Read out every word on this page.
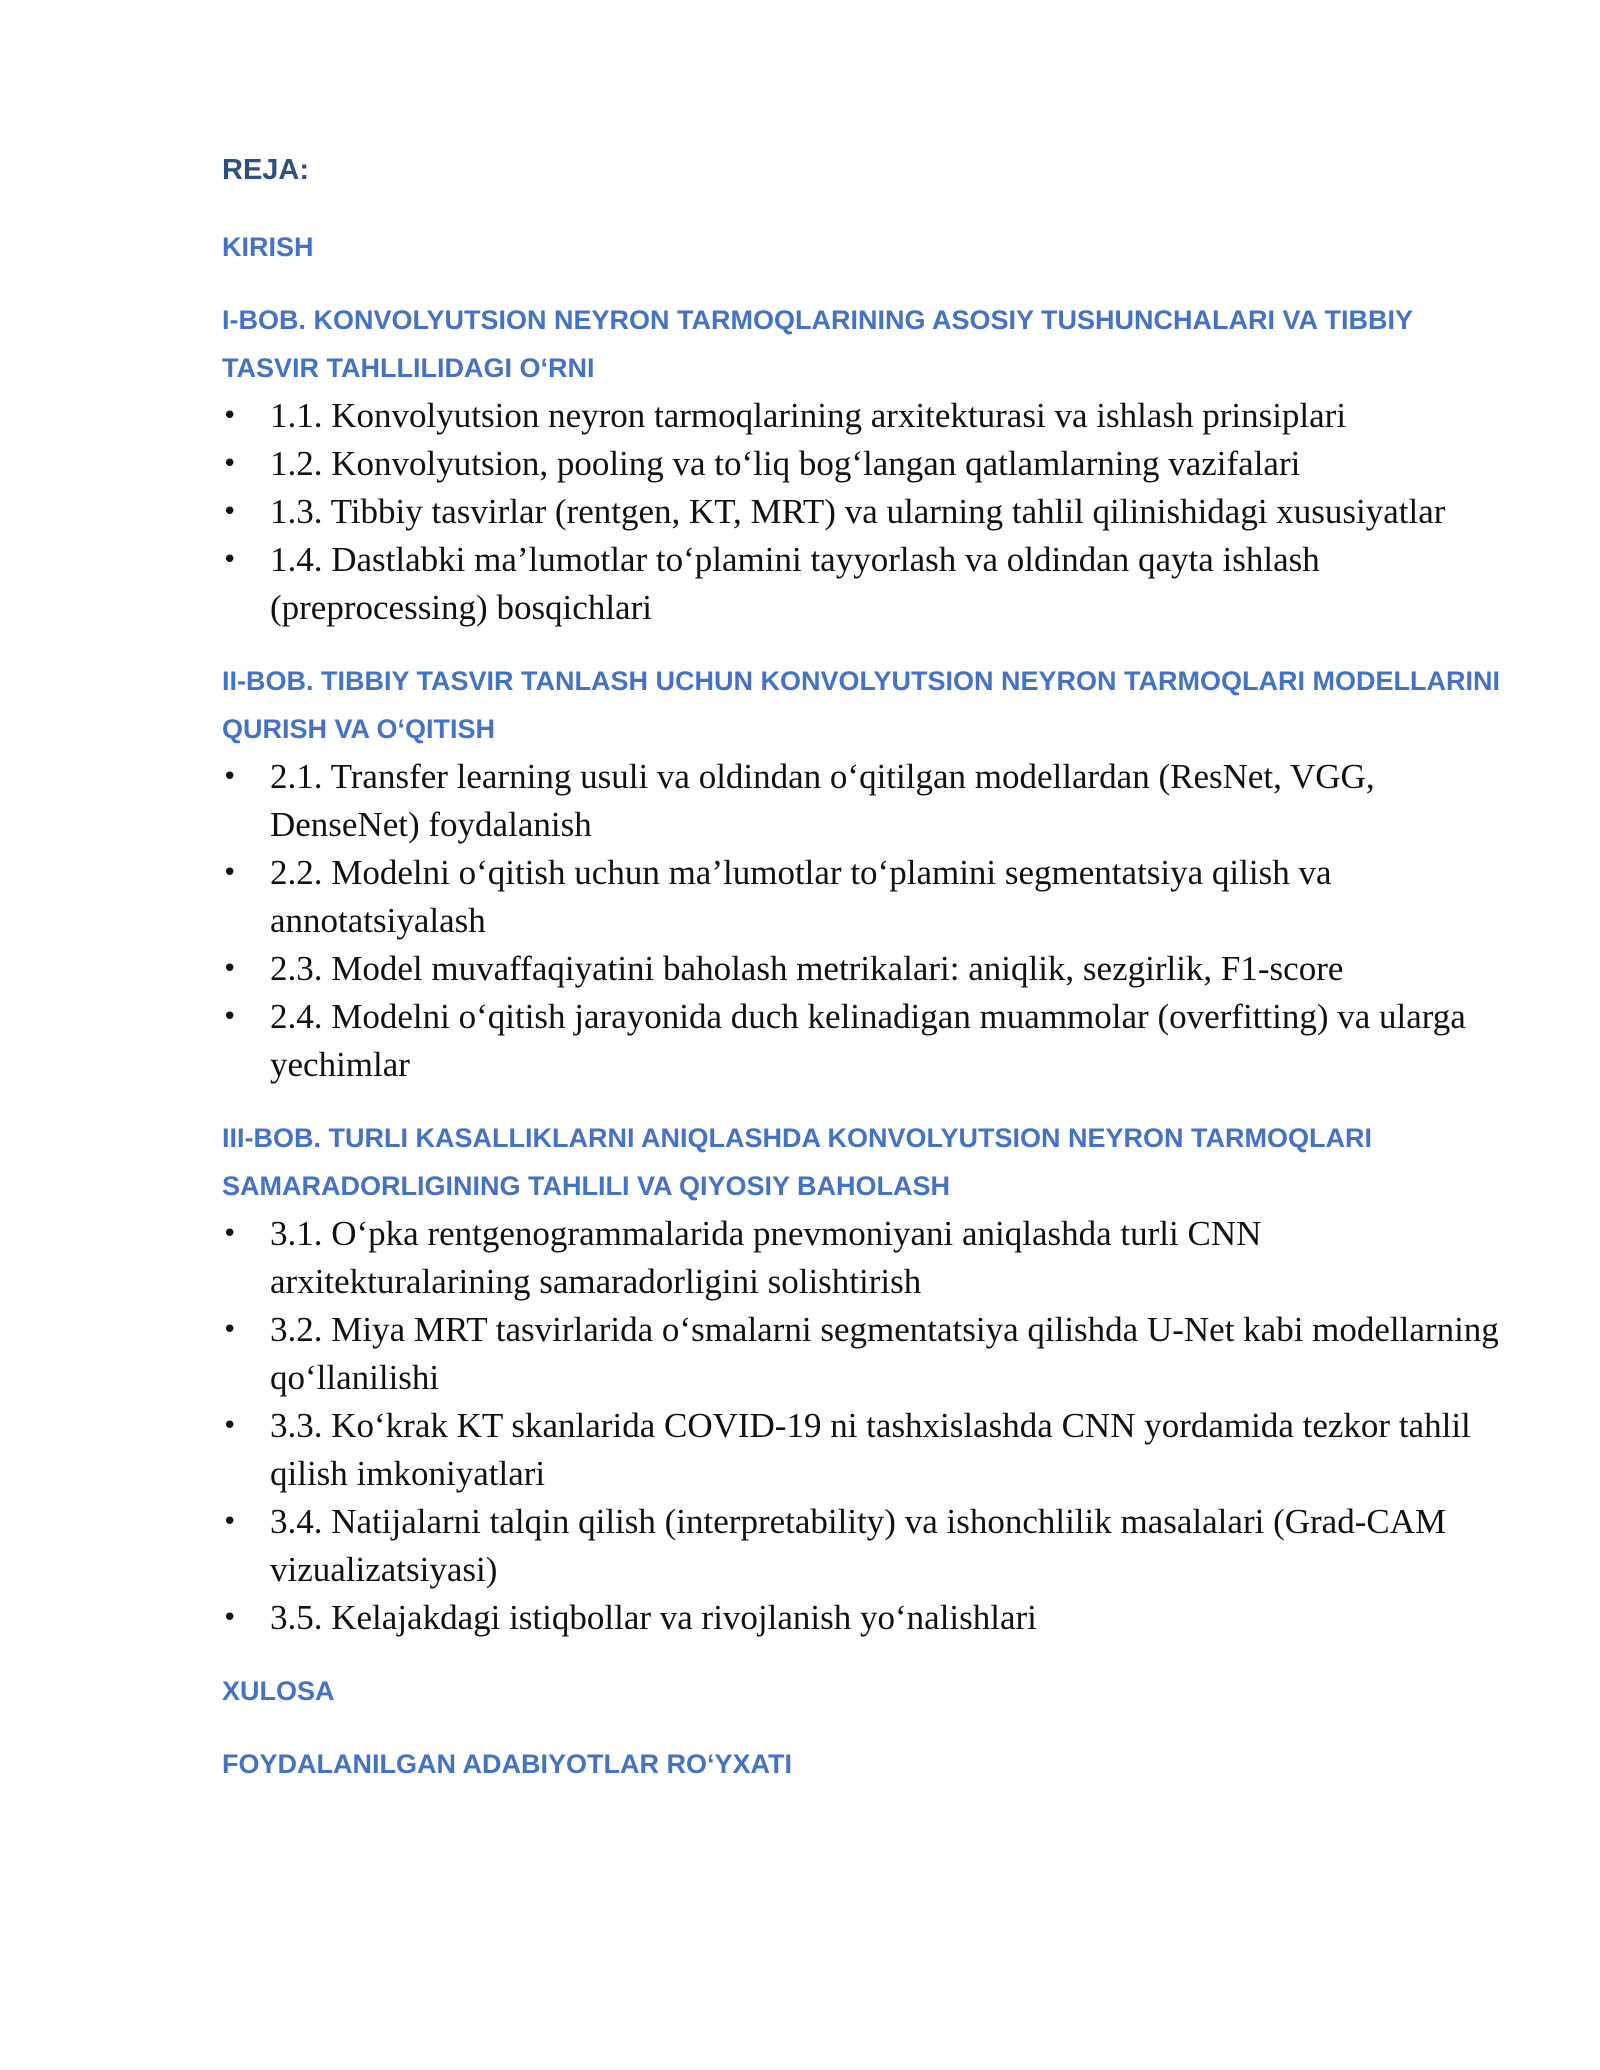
REJA:
KIRISH
I-BOB. KONVOLYUTSION NEYRON TARMOQLARINING ASOSIY TUSHUNCHALARI VA TIBBIY TASVIR TAHLLILIDAGI O‘RNI
• 1.1. Konvolyutsion neyron tarmoqlarining arxitekturasi va ishlash prinsiplari
• 1.2. Konvolyutsion, pooling va to‘liq bog‘langan qatlamlarning vazifalari
• 1.3. Tibbiy tasvirlar (rentgen, KT, MRT) va ularning tahlil qilinishidagi xususiyatlar
• 1.4. Dastlabki ma’lumotlar to‘plamini tayyorlash va oldindan qayta ishlash (preprocessing) bosqichlari
II-BOB. TIBBIY TASVIR TANLASH UCHUN KONVOLYUTSION NEYRON TARMOQLARI MODELLARINI QURISH VA O‘QITISH
• 2.1. Transfer learning usuli va oldindan o‘qitilgan modellardan (ResNet, VGG, DenseNet) foydalanish
• 2.2. Modelni o‘qitish uchun ma’lumotlar to‘plamini segmentatsiya qilish va annotatsiyalash
• 2.3. Model muvaffaqiyatini baholash metrikalari: aniqlik, sezgirlik, F1-score
• 2.4. Modelni o‘qitish jarayonida duch kelinadigan muammolar (overfitting) va ularga yechimlar
III-BOB. TURLI KASALLIKLARNI ANIQLASHDA KONVOLYUTSION NEYRON TARMOQLARI SAMARADORLIGINING TAHLILI VA QIYOSIY BAHOLASH
• 3.1. O‘pka rentgenogrammalarida pnevmoniyani aniqlashda turli CNN arxitekturalarining samaradorligini solishtirish
• 3.2. Miya MRT tasvirlarida o‘smalarni segmentatsiya qilishda U-Net kabi modellarning qo‘llanilishi
• 3.3. Ko‘krak KT skanlarida COVID-19 ni tashxislashda CNN yordamida tezkor tahlil qilish imkoniyatlari
• 3.4. Natijalarni talqin qilish (interpretability) va ishonchlilik masalalari (Grad-CAM vizualizatsiyasi)
• 3.5. Kelajakdagi istiqbollar va rivojlanish yo‘nalishlari
XULOSA
FOYDALANILGAN ADABIYOTLAR RO‘YXATI
